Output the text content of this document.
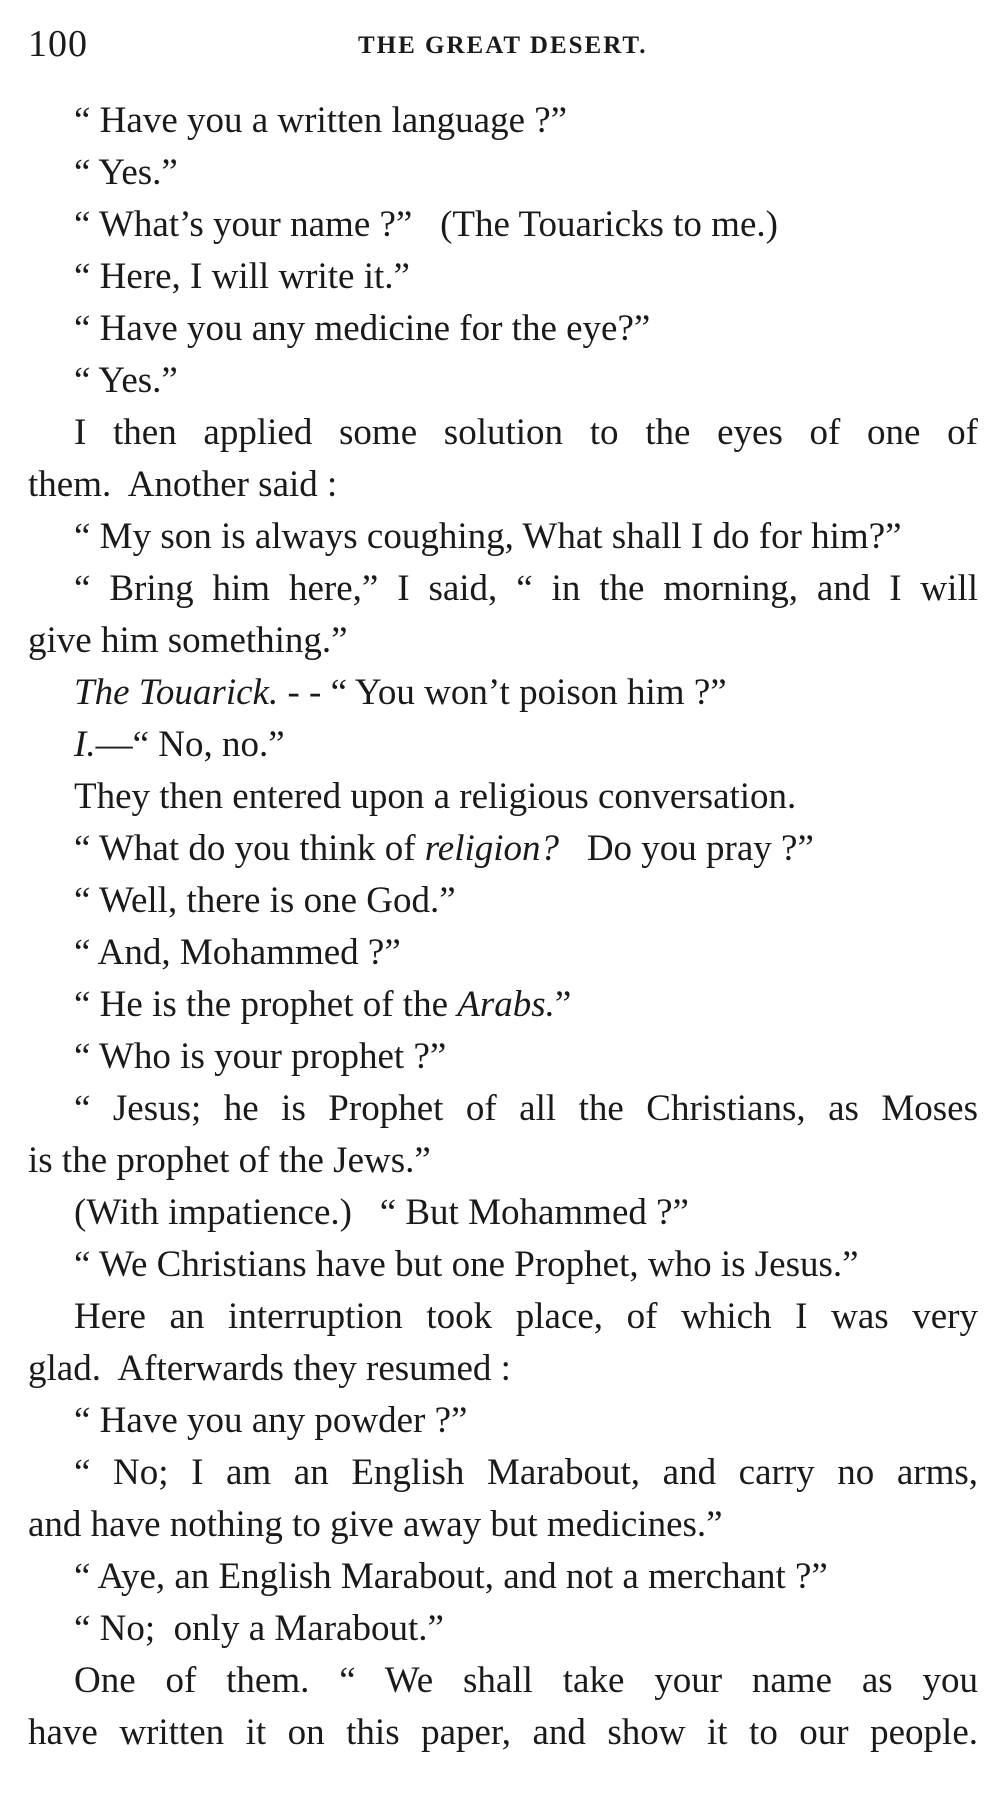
100	THE GREAT DESERT.
“ Have you a written language ?”
“ Yes.”
“ What’s your name ?”   (The Touaricks to me.)
“ Here, I will write it.”
“ Have you any medicine for the eye?”
“ Yes.”
I then applied some solution to the eyes of one of
them.  Another said :
“ My son is always coughing, What shall I do for him?”
“ Bring him here,” I said, “ in the morning, and I will
give him something.”
The Touarick. - - “ You won’t poison him ?”
I.—“ No, no.”
They then entered upon a religious conversation.
“ What do you think of religion?   Do you pray ?”
“ Well, there is one God.”
“ And, Mohammed ?”
“ He is the prophet of the Arabs.”
“ Who is your prophet ?”
“ Jesus; he is Prophet of all the Christians, as Moses
is the prophet of the Jews.”
(With impatience.)   “ But Mohammed ?”
“ We Christians have but one Prophet, who is Jesus.”
Here an interruption took place, of which I was very
glad.  Afterwards they resumed :
“ Have you any powder ?”
“ No; I am an English Marabout, and carry no arms,
and have nothing to give away but medicines.”
“ Aye, an English Marabout, and not a merchant ?”
“ No;  only a Marabout.”
One of them. “ We shall take your name as you
have written it on this paper, and show it to our people.
